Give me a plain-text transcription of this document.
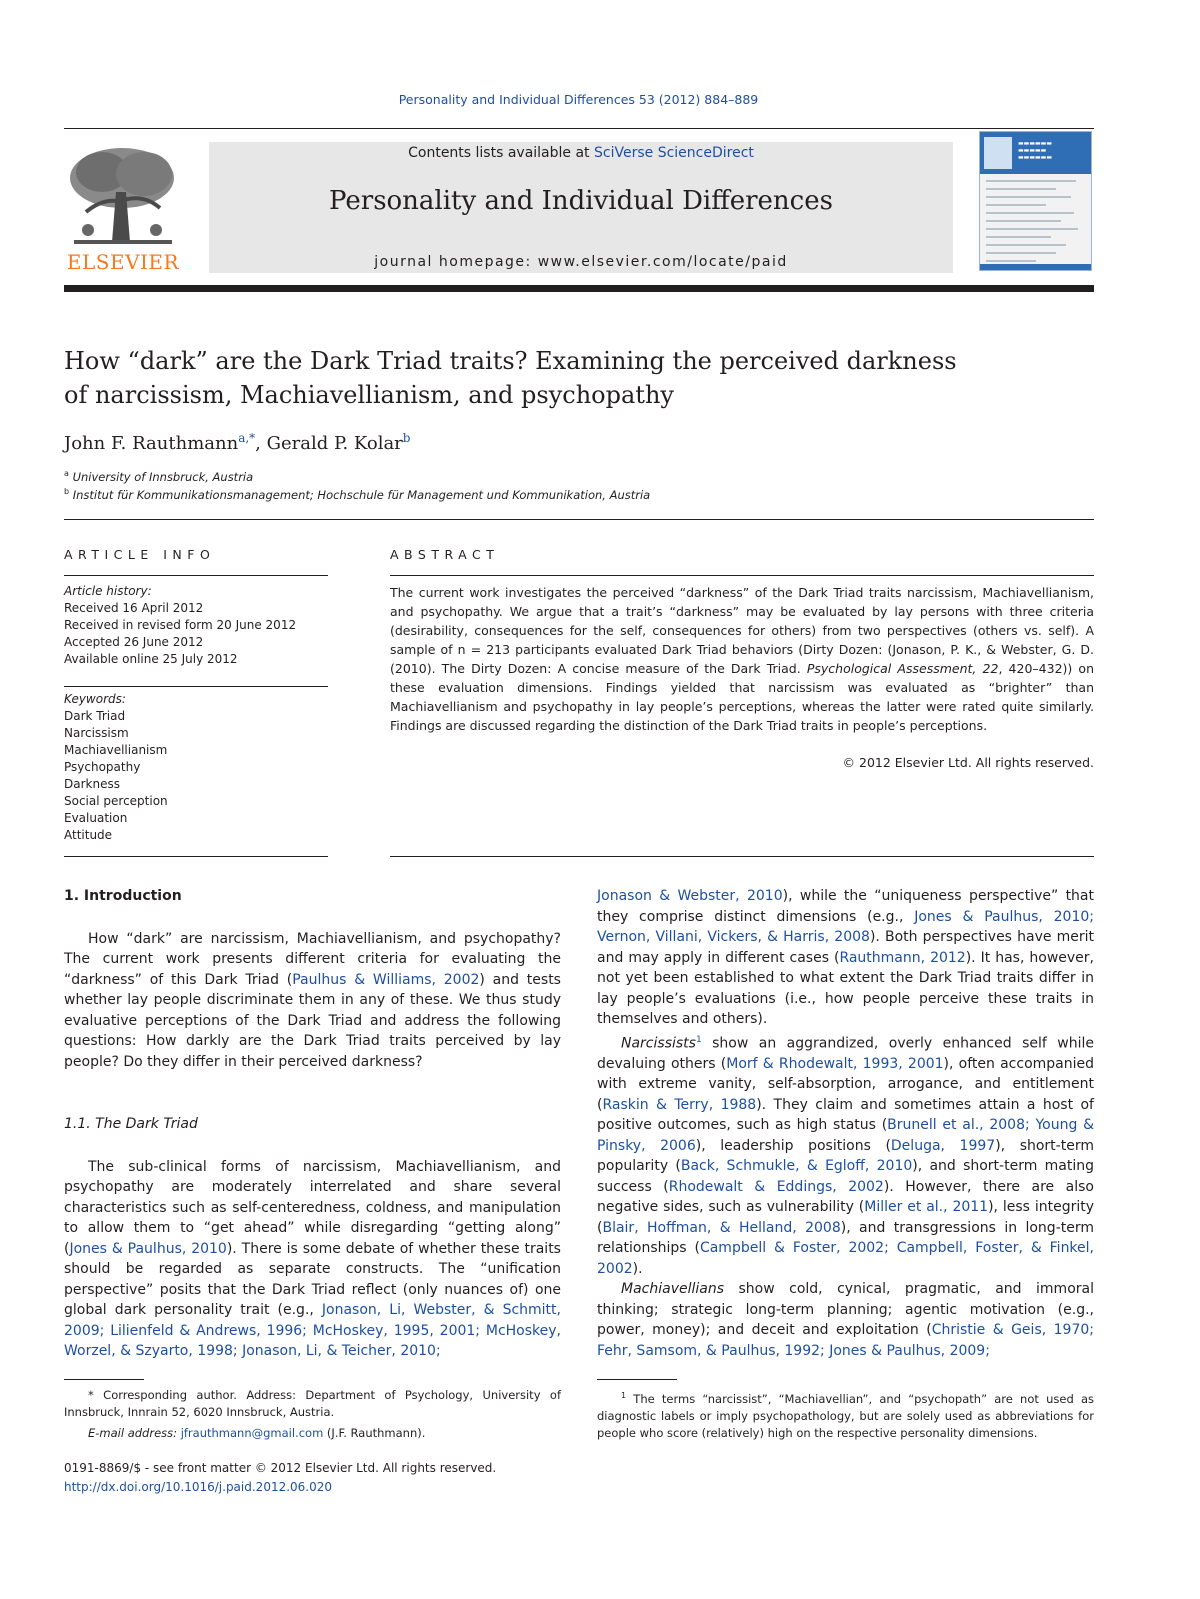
Personality and Individual Differences 53 (2012) 884–889
ELSEVIER
Contents lists available at SciVerse ScienceDirect
Personality and Individual Differences
journal homepage: www.elsevier.com/locate/paid
▬▬▬▬▬▬
▬▬▬▬▬
▬▬▬▬▬▬
How “dark” are the Dark Triad traits? Examining the perceived darkness
of narcissism, Machiavellianism, and psychopathy
John F. Rauthmann$^{a,*}$, Gerald P. Kolar$^b$
$^a$ University of Innsbruck, Austria
$^b$ Institut für Kommunikationsmanagement; Hochschule für Management und Kommunikation, Austria
ARTICLE INFO
Article history:
Received 16 April 2012
Received in revised form 20 June 2012
Accepted 26 June 2012
Available online 25 July 2012
Keywords:
Dark Triad
Narcissism
Machiavellianism
Psychopathy
Darkness
Social perception
Evaluation
Attitude
ABSTRACT
The current work investigates the perceived “darkness” of the Dark Triad traits narcissism, Machiavellianism, and psychopathy. We argue that a trait’s “darkness” may be evaluated by lay persons with three criteria (desirability, consequences for the self, consequences for others) from two perspectives (others vs. self). A sample of n = 213 participants evaluated Dark Triad behaviors (Dirty Dozen: (Jonason, P. K., & Webster, G. D. (2010). The Dirty Dozen: A concise measure of the Dark Triad. Psychological Assessment, 22, 420–432)) on these evaluation dimensions. Findings yielded that narcissism was evaluated as “brighter” than Machiavellianism and psychopathy in lay people’s perceptions, whereas the latter were rated quite similarly. Findings are discussed regarding the distinction of the Dark Triad traits in people’s perceptions.
© 2012 Elsevier Ltd. All rights reserved.
1. Introduction
How “dark” are narcissism, Machiavellianism, and psychopathy? The current work presents different criteria for evaluating the “darkness” of this Dark Triad (Paulhus & Williams, 2002) and tests whether lay people discriminate them in any of these. We thus study evaluative perceptions of the Dark Triad and address the following questions: How darkly are the Dark Triad traits perceived by lay people? Do they differ in their perceived darkness?
1.1. The Dark Triad
The sub-clinical forms of narcissism, Machiavellianism, and psychopathy are moderately interrelated and share several characteristics such as self-centeredness, coldness, and manipulation to allow them to “get ahead” while disregarding “getting along” (Jones & Paulhus, 2010). There is some debate of whether these traits should be regarded as separate constructs. The “unification perspective” posits that the Dark Triad reflect (only nuances of) one global dark personality trait (e.g., Jonason, Li, Webster, & Schmitt, 2009; Lilienfeld & Andrews, 1996; McHoskey, 1995, 2001; McHoskey, Worzel, & Szyarto, 1998; Jonason, Li, & Teicher, 2010;
* Corresponding author. Address: Department of Psychology, University of Innsbruck, Innrain 52, 6020 Innsbruck, Austria.
E-mail address: jfrauthmann@gmail.com (J.F. Rauthmann).
0191-8869/$ - see front matter © 2012 Elsevier Ltd. All rights reserved.
http://dx.doi.org/10.1016/j.paid.2012.06.020
Jonason & Webster, 2010), while the “uniqueness perspective” that they comprise distinct dimensions (e.g., Jones & Paulhus, 2010; Vernon, Villani, Vickers, & Harris, 2008). Both perspectives have merit and may apply in different cases (Rauthmann, 2012). It has, however, not yet been established to what extent the Dark Triad traits differ in lay people’s evaluations (i.e., how people perceive these traits in themselves and others).
Narcissists$^1$ show an aggrandized, overly enhanced self while devaluing others (Morf & Rhodewalt, 1993, 2001), often accompanied with extreme vanity, self-absorption, arrogance, and entitlement (Raskin & Terry, 1988). They claim and sometimes attain a host of positive outcomes, such as high status (Brunell et al., 2008; Young & Pinsky, 2006), leadership positions (Deluga, 1997), short-term popularity (Back, Schmukle, & Egloff, 2010), and short-term mating success (Rhodewalt & Eddings, 2002). However, there are also negative sides, such as vulnerability (Miller et al., 2011), less integrity (Blair, Hoffman, & Helland, 2008), and transgressions in long-term relationships (Campbell & Foster, 2002; Campbell, Foster, & Finkel, 2002).
Machiavellians show cold, cynical, pragmatic, and immoral thinking; strategic long-term planning; agentic motivation (e.g., power, money); and deceit and exploitation (Christie & Geis, 1970; Fehr, Samsom, & Paulhus, 1992; Jones & Paulhus, 2009;
$^1$ The terms “narcissist”, “Machiavellian”, and “psychopath” are not used as diagnostic labels or imply psychopathology, but are solely used as abbreviations for people who score (relatively) high on the respective personality dimensions.
